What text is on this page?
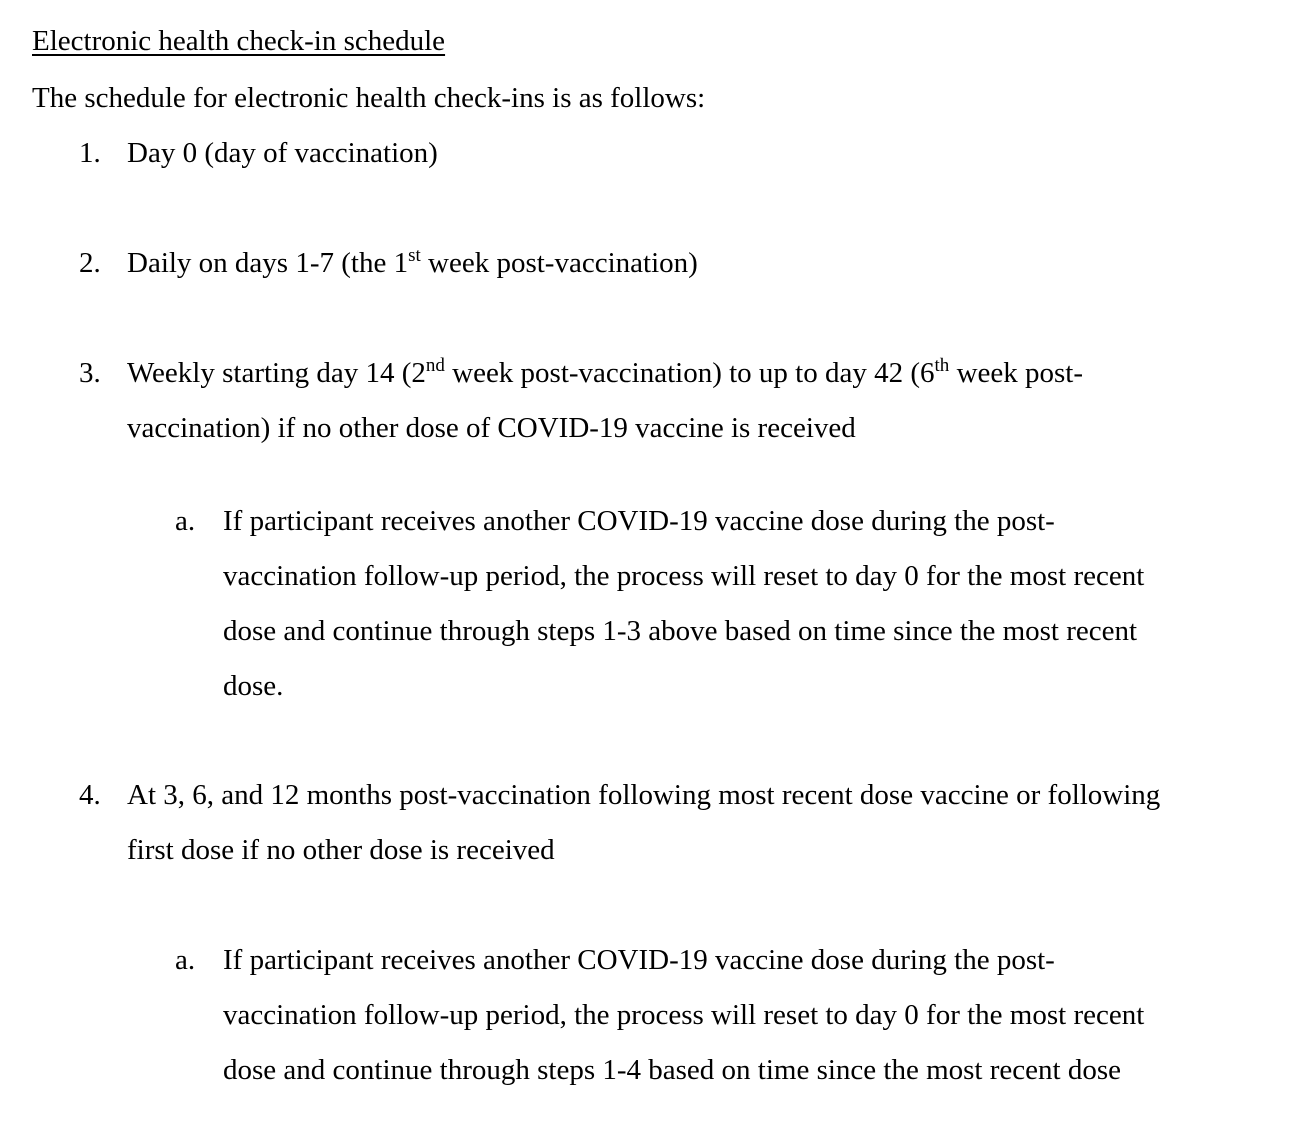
Electronic health check-in schedule
The schedule for electronic health check-ins is as follows:
1. Day 0 (day of vaccination)
2. Daily on days 1-7 (the 1st week post-vaccination)
3. Weekly starting day 14 (2nd week post-vaccination) to up to day 42 (6th week post-
vaccination) if no other dose of COVID-19 vaccine is received
a. If participant receives another COVID-19 vaccine dose during the post-
vaccination follow-up period, the process will reset to day 0 for the most recent
dose and continue through steps 1-3 above based on time since the most recent
dose.
4. At 3, 6, and 12 months post-vaccination following most recent dose vaccine or following
first dose if no other dose is received
a. If participant receives another COVID-19 vaccine dose during the post-
vaccination follow-up period, the process will reset to day 0 for the most recent
dose and continue through steps 1-4 based on time since the most recent dose
